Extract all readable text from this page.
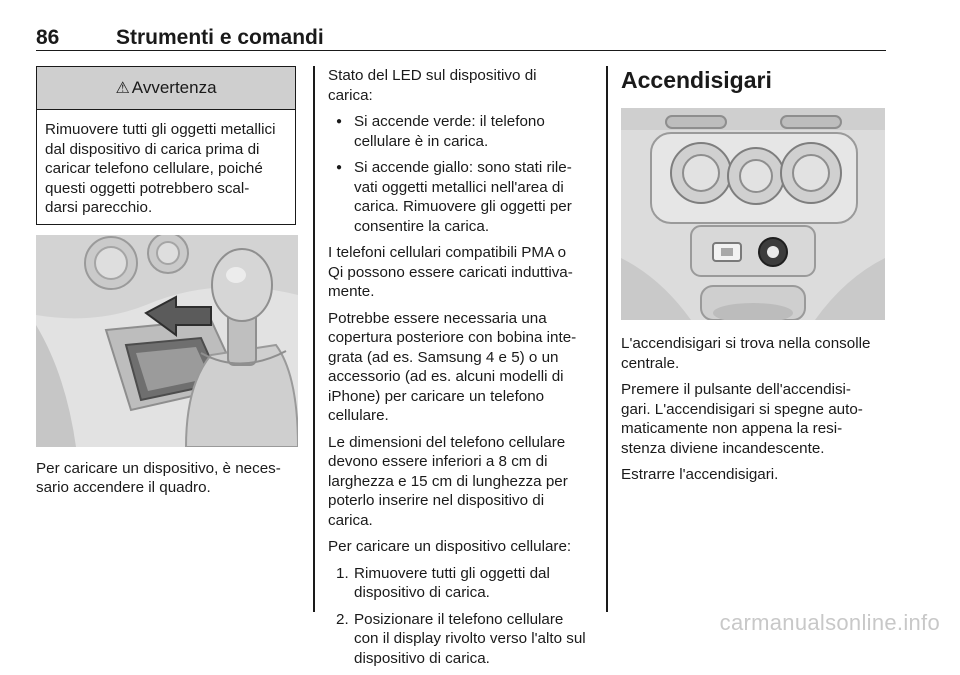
86	Strumenti e comandi
⚠ Avvertenza
Rimuovere tutti gli oggetti metallici
dal dispositivo di carica prima di
caricar telefono cellulare, poiché
questi oggetti potrebbero scal-
darsi parecchio.
Per caricare un dispositivo, è neces-
sario accendere il quadro.

Stato del LED sul dispositivo di
carica:

● Si accende verde: il telefono
cellulare è in carica.
● Si accende giallo: sono stati rile-
vati oggetti metallici nell'area di
carica. Rimuovere gli oggetti per
consentire la carica.

I telefoni cellulari compatibili PMA o
Qi possono essere caricati induttiva-
mente.

Potrebbe essere necessaria una
copertura posteriore con bobina inte-
grata (ad es. Samsung 4 e 5) o un
accessorio (ad es. alcuni modelli di
iPhone) per caricare un telefono
cellulare.

Le dimensioni del telefono cellulare
devono essere inferiori a 8 cm di
larghezza e 15 cm di lunghezza per
poterlo inserire nel dispositivo di
carica.

Per caricare un dispositivo cellulare:

1. Rimuovere tutti gli oggetti dal
dispositivo di carica.
2. Posizionare il telefono cellulare
con il display rivolto verso l'alto sul
dispositivo di carica.
Accendisigari

L'accendisigari si trova nella consolle
centrale.

Premere il pulsante dell'accendisi-
gari. L'accendisigari si spegne auto-
maticamente non appena la resi-
stenza diviene incandescente.

Estrarre l'accendisigari.

carmanualsonline.info
